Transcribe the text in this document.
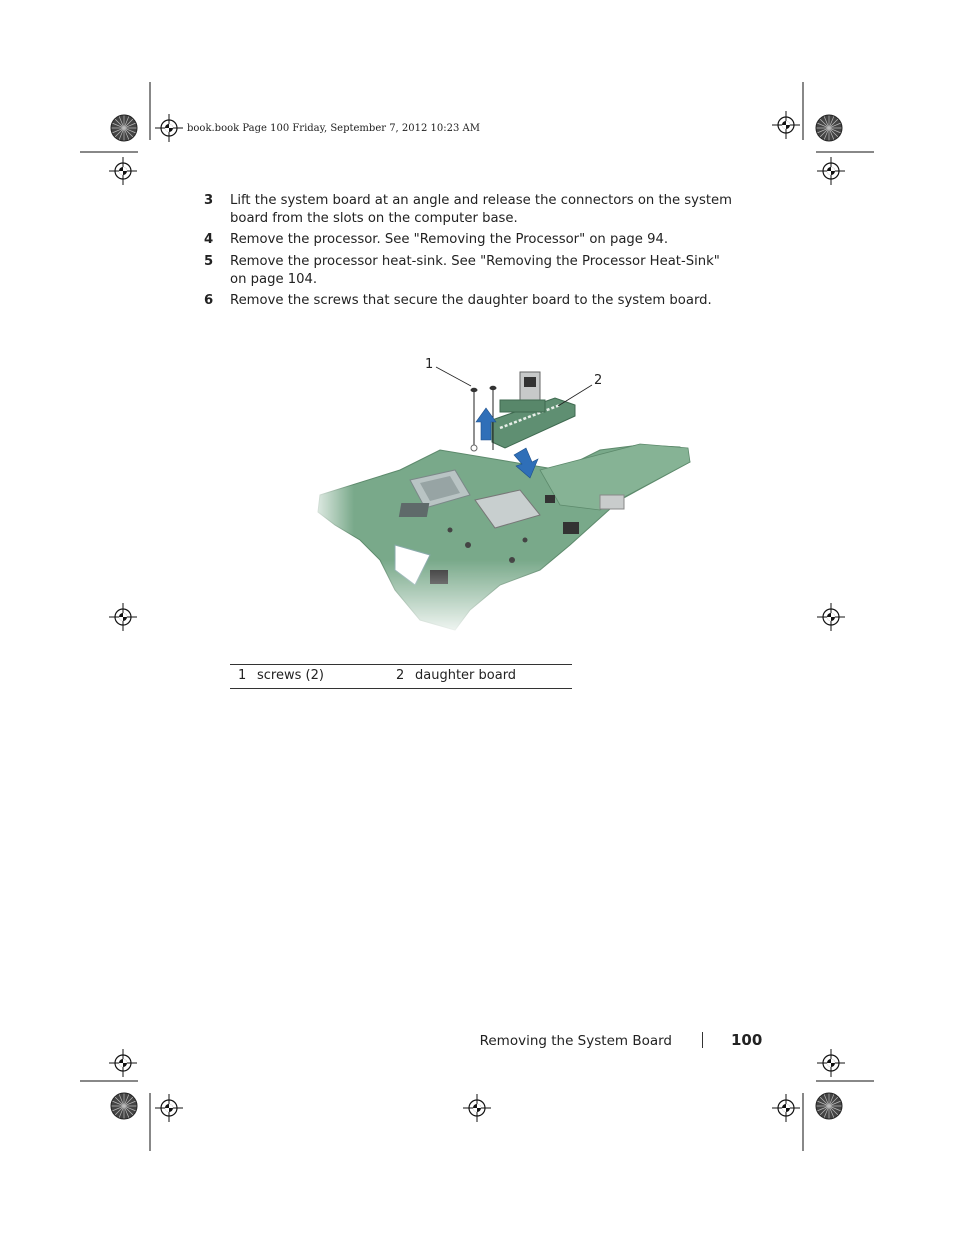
book.book Page 100 Friday, September 7, 2012 10:23 AM
3 Lift the system board at an angle and release the connectors on the system board from the slots on the computer base.
4 Remove the processor. See "Removing the Processor" on page 94.
5 Remove the processor heat-sink. See "Removing the Processor Heat-Sink" on page 104.
6 Remove the screws that secure the daughter board to the system board.
1
2
1 screws (2)	2 daughter board
Removing the System Board	100
